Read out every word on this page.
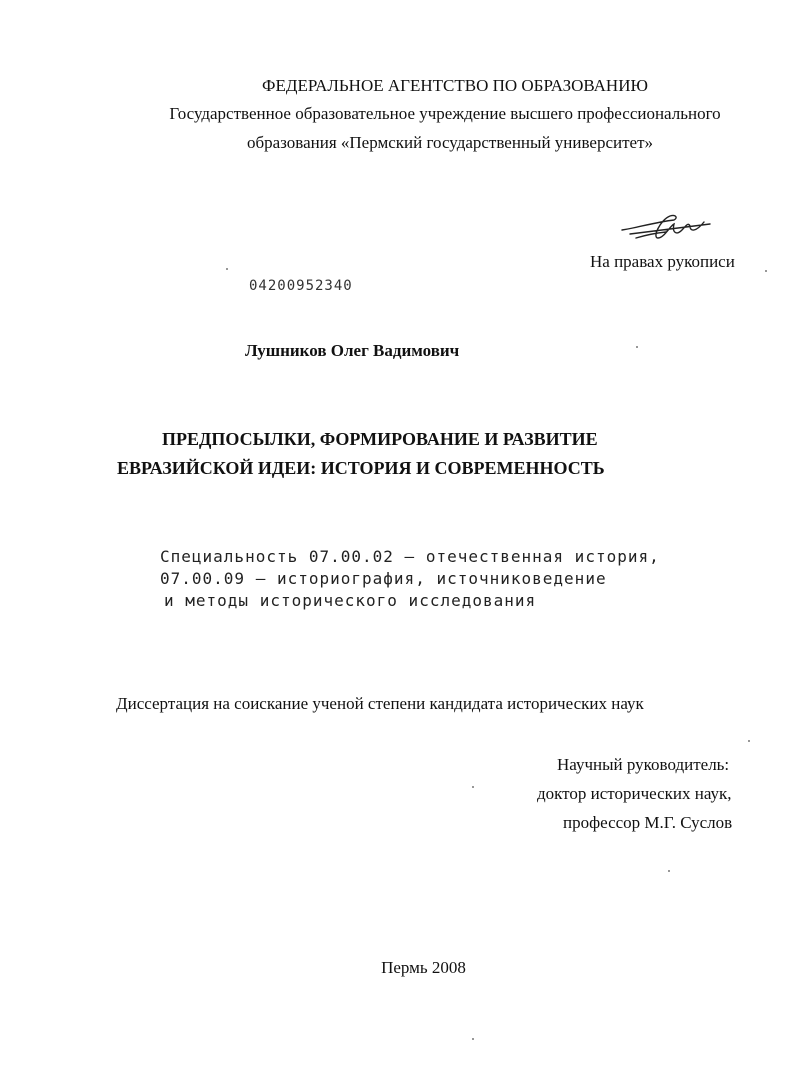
ФЕДЕРАЛЬНОЕ АГЕНТСТВО ПО ОБРАЗОВАНИЮ
Государственное образовательное учреждение высшего профессионального
образования «Пермский государственный университет»
На правах рукописи
04200952340
Лушников Олег Вадимович
ПРЕДПОСЫЛКИ, ФОРМИРОВАНИЕ И РАЗВИТИЕ
ЕВРАЗИЙСКОЙ ИДЕИ: ИСТОРИЯ И СОВРЕМЕННОСТЬ
Специальность 07.00.02 – отечественная история,
07.00.09 – историография, источниковедение
и методы исторического исследования
Диссертация на соискание ученой степени кандидата исторических наук
Научный руководитель:
доктор исторических наук,
профессор М.Г. Суслов
Пермь 2008
